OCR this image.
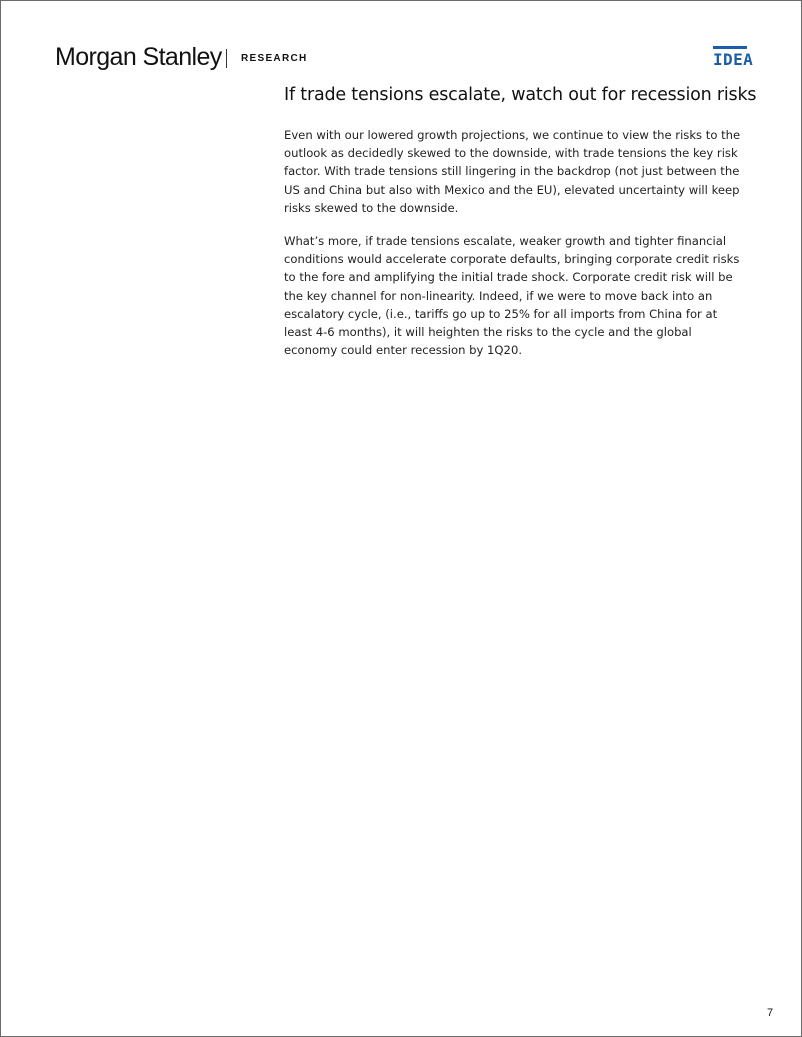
Morgan Stanley RESEARCH	IDEA
If trade tensions escalate, watch out for recession risks

Even with our lowered growth projections, we continue to view the risks to the outlook as decidedly skewed to the downside, with trade tensions the key risk factor. With trade tensions still lingering in the backdrop (not just between the US and China but also with Mexico and the EU), elevated uncertainty will keep risks skewed to the downside.

What’s more, if trade tensions escalate, weaker growth and tighter financial conditions would accelerate corporate defaults, bringing corporate credit risks to the fore and amplifying the initial trade shock. Corporate credit risk will be the key channel for non-linearity. Indeed, if we were to move back into an escalatory cycle, (i.e., tariffs go up to 25% for all imports from China for at least 4-6 months), it will heighten the risks to the cycle and the global economy could enter recession by 1Q20.

7
